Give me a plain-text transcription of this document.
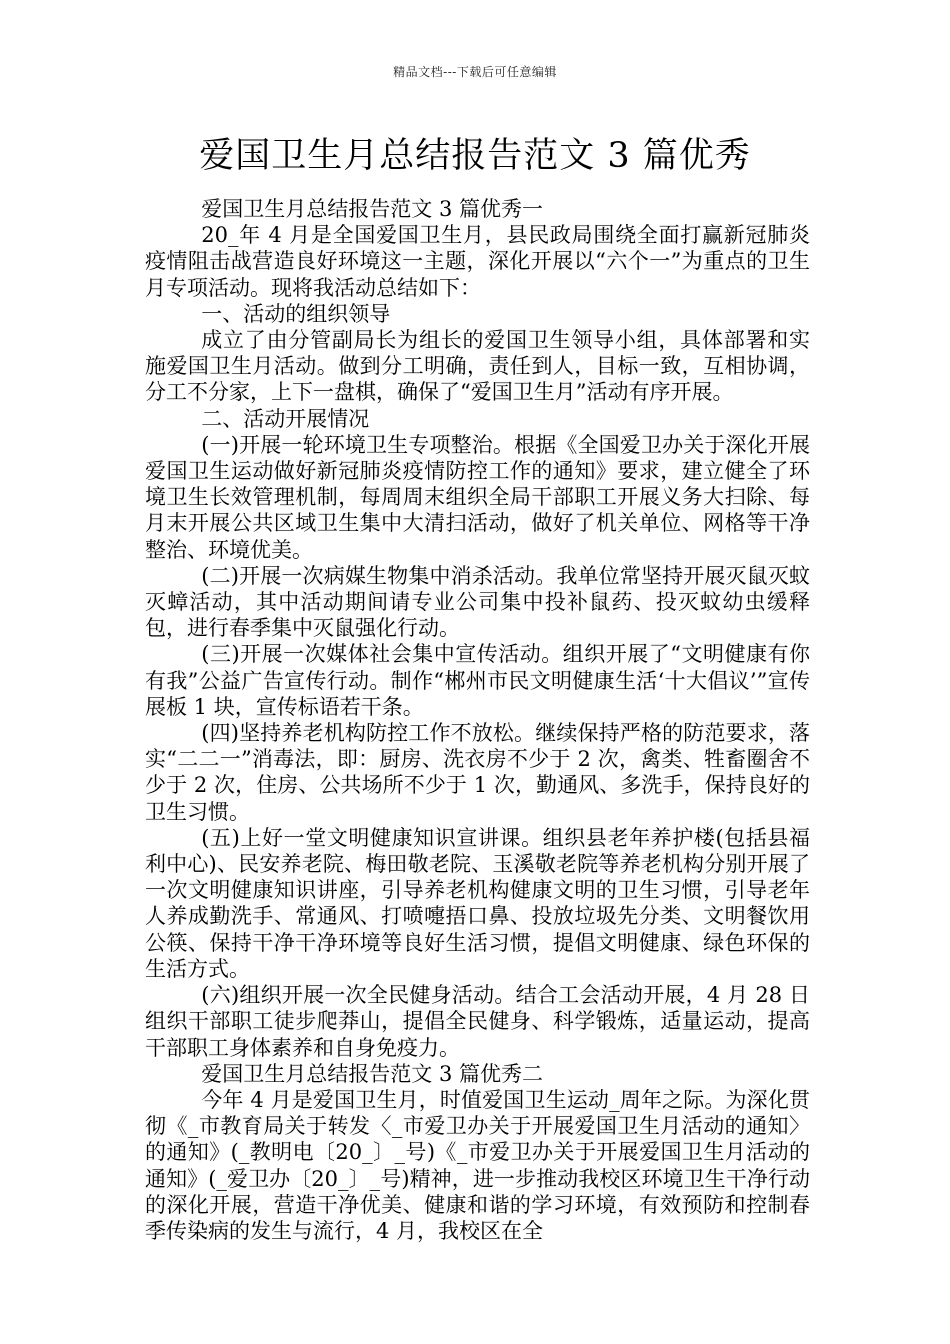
精品文档---下载后可任意编辑
爱国卫生月总结报告范文 3 篇优秀

爱国卫生月总结报告范文 3 篇优秀一

20_年 4 月是全国爱国卫生月，县民政局围绕全面打赢新冠肺炎疫情阻击战营造良好环境这一主题，深化开展以“六个一”为重点的卫生月专项活动。现将我活动总结如下：

一、活动的组织领导

成立了由分管副局长为组长的爱国卫生领导小组，具体部署和实施爱国卫生月活动。做到分工明确，责任到人，目标一致，互相协调，分工不分家，上下一盘棋，确保了“爱国卫生月”活动有序开展。

二、活动开展情况

(一)开展一轮环境卫生专项整治。根据《全国爱卫办关于深化开展爱国卫生运动做好新冠肺炎疫情防控工作的通知》要求，建立健全了环境卫生长效管理机制，每周周末组织全局干部职工开展义务大扫除、每月末开展公共区域卫生集中大清扫活动，做好了机关单位、网格等干净整治、环境优美。

(二)开展一次病媒生物集中消杀活动。我单位常坚持开展灭鼠灭蚊灭蟑活动，其中活动期间请专业公司集中投补鼠药、投灭蚊幼虫缓释包，进行春季集中灭鼠强化行动。

(三)开展一次媒体社会集中宣传活动。组织开展了“文明健康有你有我”公益广告宣传行动。制作“郴州市民文明健康生活‘十大倡议’”宣传展板 1 块，宣传标语若干条。

(四)坚持养老机构防控工作不放松。继续保持严格的防范要求，落实“二二一”消毒法，即：厨房、洗衣房不少于 2 次，禽类、牲畜圈舍不少于 2 次，住房、公共场所不少于 1 次，勤通风、多洗手，保持良好的卫生习惯。

(五)上好一堂文明健康知识宣讲课。组织县老年养护楼(包括县福利中心)、民安养老院、梅田敬老院、玉溪敬老院等养老机构分别开展了一次文明健康知识讲座，引导养老机构健康文明的卫生习惯，引导老年人养成勤洗手、常通风、打喷嚏捂口鼻、投放垃圾先分类、文明餐饮用公筷、保持干净干净环境等良好生活习惯，提倡文明健康、绿色环保的生活方式。

(六)组织开展一次全民健身活动。结合工会活动开展，4 月 28 日组织干部职工徒步爬莽山，提倡全民健身、科学锻炼，适量运动，提高干部职工身体素养和自身免疫力。

爱国卫生月总结报告范文 3 篇优秀二

今年 4 月是爱国卫生月，时值爱国卫生运动_周年之际。为深化贯彻《_市教育局关于转发〈_市爱卫办关于开展爱国卫生月活动的通知〉的通知》(_教明电〔20_〕_号)《_市爱卫办关于开展爱国卫生月活动的通知》(_爱卫办〔20_〕_号)精神，进一步推动我校区环境卫生干净行动的深化开展，营造干净优美、健康和谐的学习环境，有效预防和控制春季传染病的发生与流行，4 月，我校区在全
